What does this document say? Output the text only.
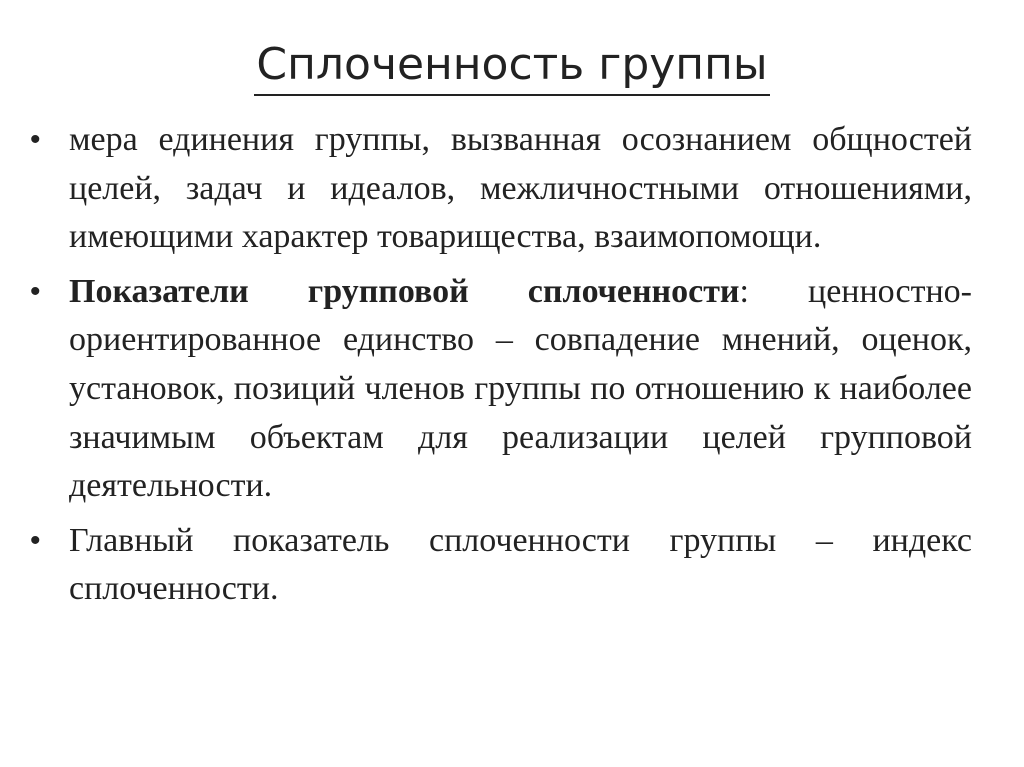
Сплоченность группы
• мера единения группы, вызванная осознанием общностей целей, задач и идеалов, межличностными отношениями, имеющими характер товарищества, взаимопомощи.
• Показатели групповой сплоченности: ценностно-ориентированное единство – совпадение мнений, оценок, установок, позиций членов группы по отношению к наиболее значимым объектам для реализации целей групповой деятельности.
• Главный показатель сплоченности группы – индекс сплоченности.
